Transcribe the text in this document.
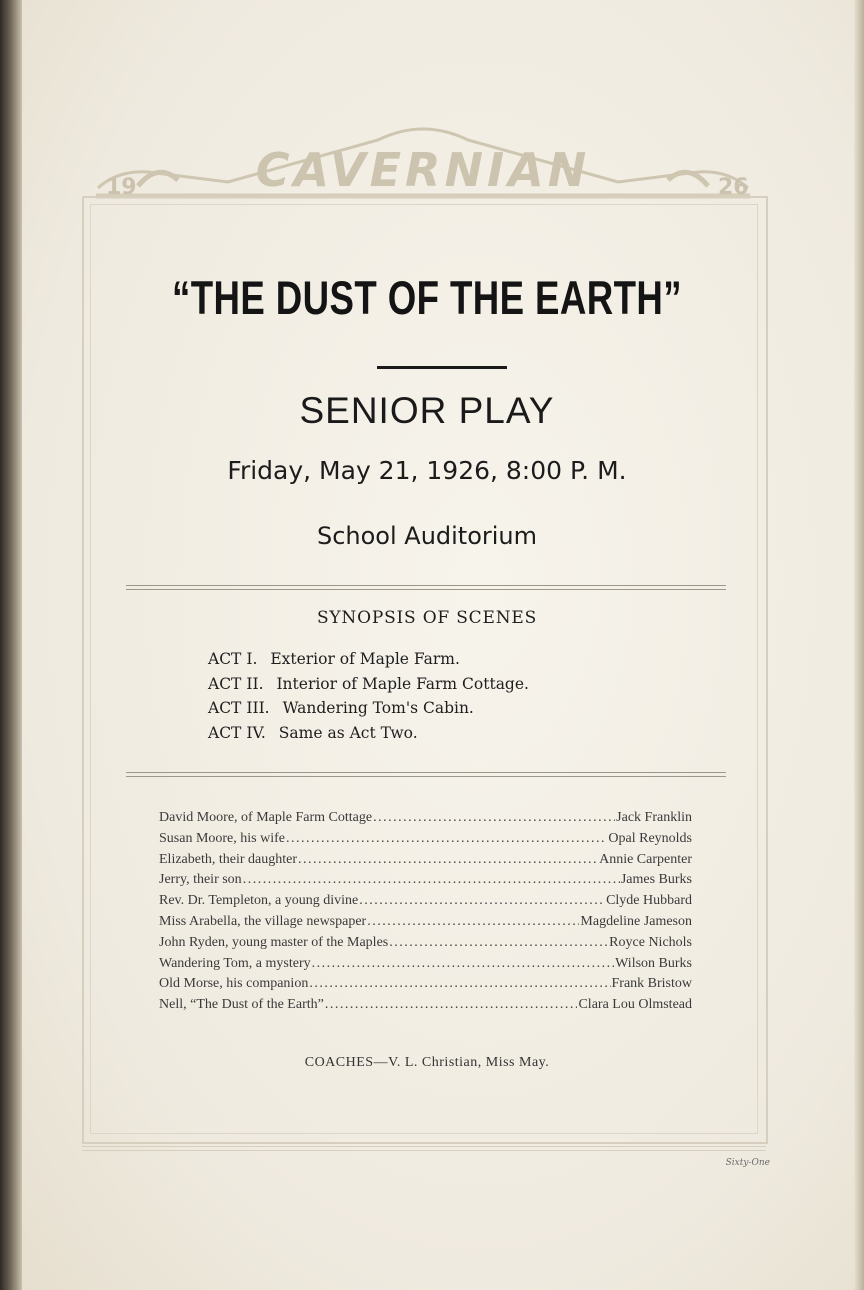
19	26
CAVERNIAN
“THE DUST OF THE EARTH”
SENIOR PLAY
Friday, May 21, 1926, 8:00 P. M.
School Auditorium
SYNOPSIS OF SCENES
ACT I. Exterior of Maple Farm.
ACT II. Interior of Maple Farm Cottage.
ACT III. Wandering Tom's Cabin.
ACT IV. Same as Act Two.
David Moore, of Maple Farm Cottage .....	Jack Franklin
Susan Moore, his wife .....	Opal Reynolds
Elizabeth, their daughter .....	Annie Carpenter
Jerry, their son .....	James Burks
Rev. Dr. Templeton, a young divine .....	Clyde Hubbard
Miss Arabella, the village newspaper .....	Magdeline Jameson
John Ryden, young master of the Maples .....	Royce Nichols
Wandering Tom, a mystery .....	Wilson Burks
Old Morse, his companion .....	Frank Bristow
Nell, “The Dust of the Earth” .....	Clara Lou Olmstead
COACHES—V. L. Christian, Miss May.
Sixty-One
